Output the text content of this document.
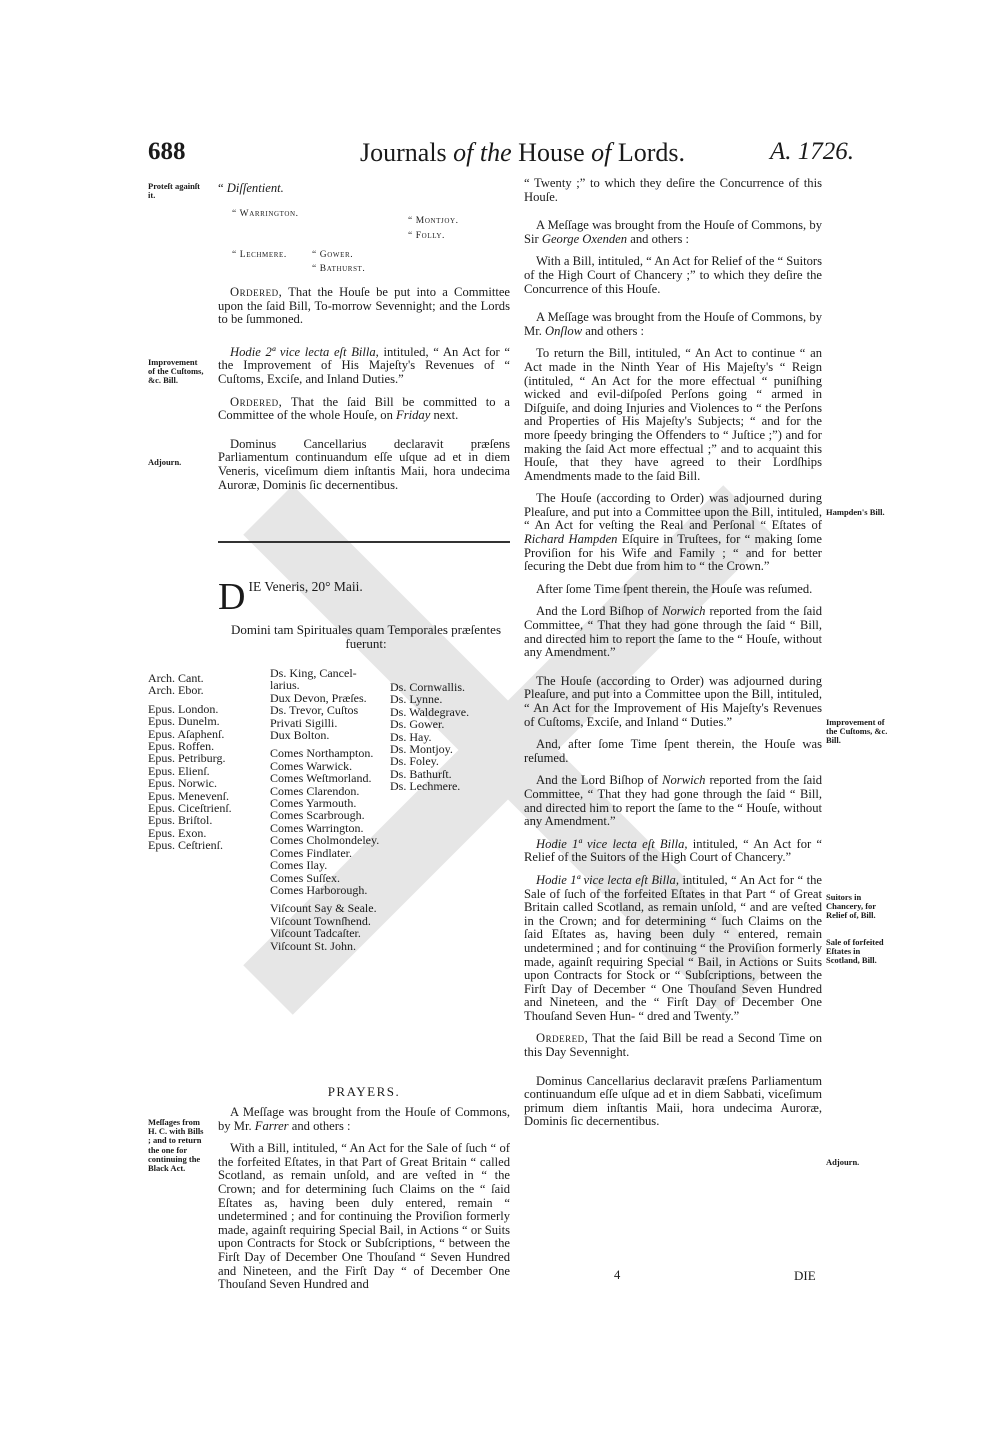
688	Journals of the House of Lords.	A. 1726.
Proteſt againſt it.
Improvement of the Cuſtoms, &c. Bill.
Adjourn.
Meſſages from H. C. with Bills ; and to return the one for continuing the Black Act.
Hampden's Bill.
Improvement of the Cuſtoms, &c. Bill.
Suitors in Chancery, for Relief of, Bill.
Sale of forfeited Eſtates in Scotland, Bill.
Adjourn.
“ Diſſentient.
“ Warrington.
“ Montjoy.
“ Folly.
“ Lechmere.	“ Gower.
“ Bathurst.

Ordered, That the Houſe be put into a Committee upon the ſaid Bill, To-morrow Sevennight; and the Lords to be ſummoned.

Hodie 2ª vice lecta eſt Billa, intituled, “ An Act for “ the Improvement of His Majeſty's Revenues of “ Cuſtoms, Exciſe, and Inland Duties.”

Ordered, That the ſaid Bill be committed to a Committee of the whole Houſe, on Friday next.

Dominus Cancellarius declaravit præſens Parliamentum continuandum eſſe uſque ad et in diem Veneris, viceſimum diem inſtantis Maii, hora undecima Auroræ, Dominis ſic decernentibus.

DIE Veneris, 20° Maii.
Domini tam Spirituales quam Temporales præſentes fuerunt:
Arch. Cant.
Arch. Ebor.
Epus. London.
Epus. Dunelm.
Epus. Aſaphenſ.
Epus. Roffen.
Epus. Petriburg.
Epus. Elienſ.
Epus. Norwic.
Epus. Menevenſ.
Epus. Ciceſtrienſ.
Epus. Briſtol.
Epus. Exon.
Epus. Ceſtrienſ.
Ds. King, Cancel-
larius.
Dux Devon, Præſes.
Ds. Trevor, Cuſtos
Privati Sigilli.
Dux Bolton.
Comes Northampton.
Comes Warwick.
Comes Weſtmorland.
Comes Clarendon.
Comes Yarmouth.
Comes Scarbrough.
Comes Warrington.
Comes Cholmondeley.
Comes Findlater.
Comes Ilay.
Comes Suſſex.
Comes Harborough.
Viſcount Say & Seale.
Viſcount Townſhend.
Viſcount Tadcaſter.
Viſcount St. John.
Ds. Cornwallis.
Ds. Lynne.
Ds. Waldegrave.
Ds. Gower.
Ds. Hay.
Ds. Montjoy.
Ds. Foley.
Ds. Bathurſt.
Ds. Lechmere.
PRAYERS.

A Meſſage was brought from the Houſe of Commons, by Mr. Farrer and others :

With a Bill, intituled, “ An Act for the Sale of ſuch “ of the forfeited Eſtates, in that Part of Great Britain “ called Scotland, as remain unſold, and are veſted in “ the Crown; and for determining ſuch Claims on the “ ſaid Eſtates as, having been duly entered, remain “ undetermined ; and for continuing the Proviſion formerly made, againſt requiring Special Bail, in Actions “ or Suits upon Contracts for Stock or Subſcriptions, “ between the Firſt Day of December One Thouſand “ Seven Hundred and Nineteen, and the Firſt Day “ of December One Thouſand Seven Hundred and

“ Twenty ;” to which they deſire the Concurrence of this Houſe.

A Meſſage was brought from the Houſe of Commons, by Sir George Oxenden and others :

With a Bill, intituled, “ An Act for Relief of the “ Suitors of the High Court of Chancery ;” to which they deſire the Concurrence of this Houſe.

A Meſſage was brought from the Houſe of Commons, by Mr. Onſlow and others :

To return the Bill, intituled, “ An Act to continue “ an Act made in the Ninth Year of His Majeſty's “ Reign (intituled, “ An Act for the more effectual “ puniſhing wicked and evil-diſpoſed Perſons going “ armed in Diſguiſe, and doing Injuries and Violences to “ the Perſons and Properties of His Majeſty's Subjects; “ and for the more ſpeedy bringing the Offenders to “ Juſtice ;”) and for making the ſaid Act more effectual ;” and to acquaint this Houſe, that they have agreed to their Lordſhips Amendments made to the ſaid Bill.

The Houſe (according to Order) was adjourned during Pleaſure, and put into a Committee upon the Bill, intituled, “ An Act for veſting the Real and Perſonal “ Eſtates of Richard Hampden Eſquire in Truſtees, for “ making ſome Proviſion for his Wife and Family ; “ and for better ſecuring the Debt due from him to “ the Crown.”

After ſome Time ſpent therein, the Houſe was reſumed.

And the Lord Biſhop of Norwich reported from the ſaid Committee, “ That they had gone through the ſaid “ Bill, and directed him to report the ſame to the “ Houſe, without any Amendment.”

The Houſe (according to Order) was adjourned during Pleaſure, and put into a Committee upon the Bill, intituled, “ An Act for the Improvement of His Majeſty's Revenues of Cuſtoms, Exciſe, and Inland “ Duties.”

And, after ſome Time ſpent therein, the Houſe was reſumed.

And the Lord Biſhop of Norwich reported from the ſaid Committee, “ That they had gone through the ſaid “ Bill, and directed him to report the ſame to the “ Houſe, without any Amendment.”

Hodie 1ª vice lecta eſt Billa, intituled, “ An Act for “ Relief of the Suitors of the High Court of Chancery.”

Hodie 1ª vice lecta eſt Billa, intituled, “ An Act for “ the Sale of ſuch of the forfeited Eſtates in that Part “ of Great Britain called Scotland, as remain unſold, “ and are veſted in the Crown; and for determining “ ſuch Claims on the ſaid Eſtates as, having been duly “ entered, remain undetermined ; and for continuing “ the Proviſion formerly made, againſt requiring Special “ Bail, in Actions or Suits upon Contracts for Stock or “ Subſcriptions, between the Firſt Day of December “ One Thouſand Seven Hundred and Nineteen, and the “ Firſt Day of December One Thouſand Seven Hun- “ dred and Twenty.”

Ordered, That the ſaid Bill be read a Second Time on this Day Sevennight.

Dominus Cancellarius declaravit præſens Parliamentum continuandum eſſe uſque ad et in diem Sabbati, viceſimum primum diem inſtantis Maii, hora undecima Auroræ, Dominis ſic decernentibus.

4	DIE
